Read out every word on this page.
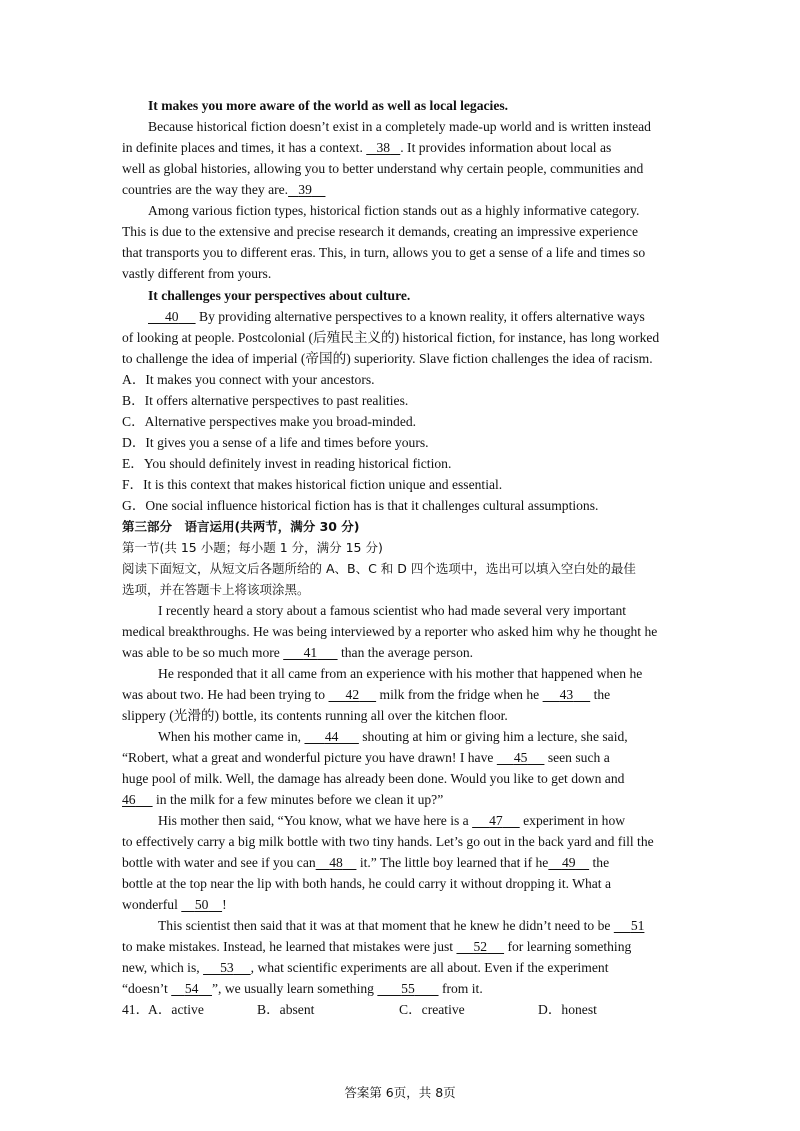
It makes you more aware of the world as well as local legacies.
Because historical fiction doesn’t exist in a completely made-up world and is written instead
in definite places and times, it has a context. 38 . It provides information about local as
well as global histories, allowing you to better understand why certain people, communities and
countries are the way they are. 39
Among various fiction types, historical fiction stands out as a highly informative category.
This is due to the extensive and precise research it demands, creating an impressive experience
that transports you to different eras. This, in turn, allows you to get a sense of a life and times so
vastly different from yours.
It challenges your perspectives about culture.
40 By providing alternative perspectives to a known reality, it offers alternative ways
of looking at people. Postcolonial (后殖民主义的) historical fiction, for instance, has long worked
to challenge the idea of imperial (帝国的) superiority. Slave fiction challenges the idea of racism.
A．It makes you connect with your ancestors.
B．It offers alternative perspectives to past realities.
C．Alternative perspectives make you broad-minded.
D．It gives you a sense of a life and times before yours.
E．You should definitely invest in reading historical fiction.
F．It is this context that makes historical fiction unique and essential.
G．One social influence historical fiction has is that it challenges cultural assumptions.
第三部分　语言运用(共两节，满分 30 分)
第一节(共 15 小题；每小题 1 分，满分 15 分)
阅读下面短文，从短文后各题所给的 A、B、C 和 D 四个选项中，选出可以填入空白处的最佳
选项，并在答题卡上将该项涂黑。
I recently heard a story about a famous scientist who had made several very important
medical breakthroughs. He was being interviewed by a reporter who asked him why he thought he
was able to be so much more 41 than the average person.
He responded that it all came from an experience with his mother that happened when he
was about two. He had been trying to 42 milk from the fridge when he 43 the
slippery (光滑的) bottle, its contents running all over the kitchen floor.
When his mother came in, 44 shouting at him or giving him a lecture, she said,
“Robert, what a great and wonderful picture you have drawn! I have 45 seen such a
huge pool of milk. Well, the damage has already been done. Would you like to get down and
46 in the milk for a few minutes before we clean it up?”
His mother then said, “You know, what we have here is a 47 experiment in how
to effectively carry a big milk bottle with two tiny hands. Let’s go out in the back yard and fill the
bottle with water and see if you can 48 it.” The little boy learned that if he 49 the
bottle at the top near the lip with both hands, he could carry it without dropping it. What a
wonderful 50 !
This scientist then said that it was at that moment that he knew he didn’t need to be 51
to make mistakes. Instead, he learned that mistakes were just 52 for learning something
new, which is, 53 , what scientific experiments are all about. Even if the experiment
“doesn’t 54 ”, we usually learn something 55 from it.
41．
A．active	B．absent	C．creative	D．honest
答案第 6页，共 8页
